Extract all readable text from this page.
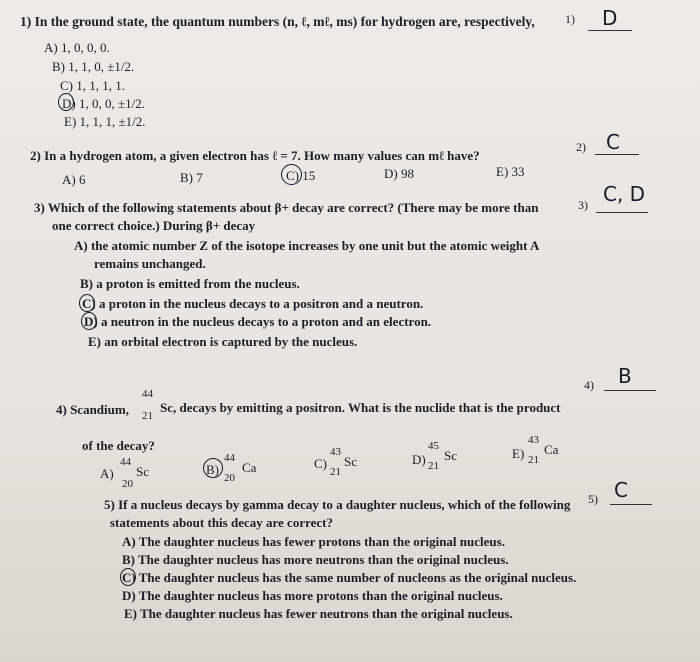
1) In the ground state, the quantum numbers (n, ℓ, mℓ, ms) for hydrogen are, respectively,	1) D
A) 1, 0, 0, 0.
B) 1, 1, 0, ±1/2.
C) 1, 1, 1, 1.
D) 1, 0, 0, ±1/2.
E) 1, 1, 1, ±1/2.
2) In a hydrogen atom, a given electron has ℓ = 7. How many values can mℓ have?
2) C
A) 6	B) 7	C) 15	D) 98	E) 33
3) Which of the following statements about β+ decay are correct? (There may be more than	3) C, D
one correct choice.) During β+ decay
A) the atomic number Z of the isotope increases by one unit but the atomic weight A
remains unchanged.
B) a proton is emitted from the nucleus.
C) a proton in the nucleus decays to a positron and a neutron.
D) a neutron in the nucleus decays to a proton and an electron.
E) an orbital electron is captured by the nucleus.
4) Scandium,
44
21
Sc, decays by emitting a positron. What is the nuclide that is the product
4) B
of the decay?
A)
44
20
Sc	B)
44
20
Ca	C)
43
21
Sc	D)
45
21
Sc	E)
43
21
Ca
5) If a nucleus decays by gamma decay to a daughter nucleus, which of the following 5) C
statements about this decay are correct?
A) The daughter nucleus has fewer protons than the original nucleus.
B) The daughter nucleus has more neutrons than the original nucleus.
C) The daughter nucleus has the same number of nucleons as the original nucleus.
D) The daughter nucleus has more protons than the original nucleus.
E) The daughter nucleus has fewer neutrons than the original nucleus.
